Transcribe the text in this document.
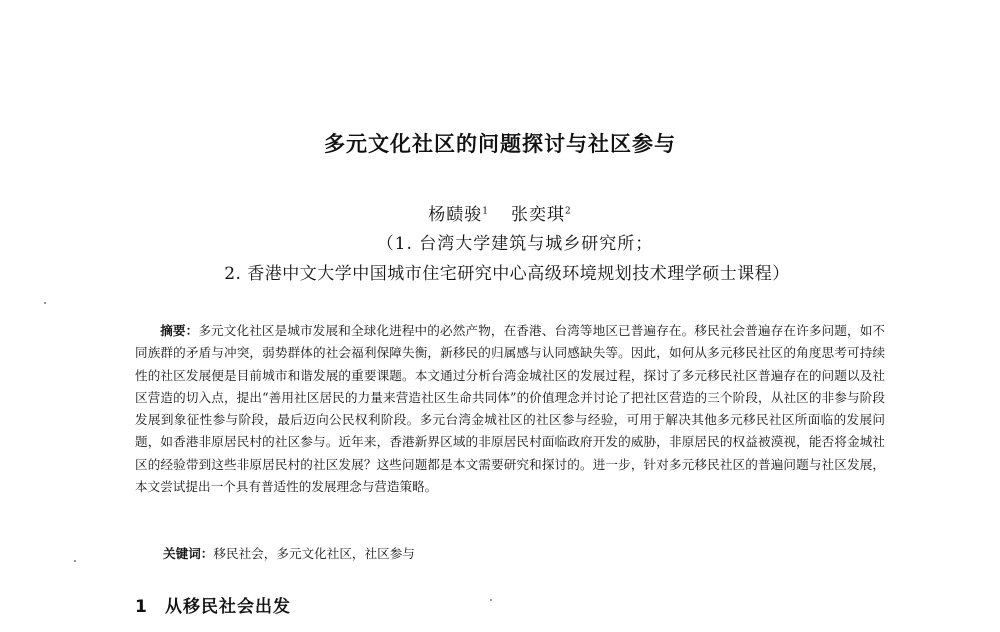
多元文化社区的问题探讨与社区参与
杨赜骏$^1$ 张奕琪$^2$
（1. 台湾大学建筑与城乡研究所；
2. 香港中文大学中国城市住宅研究中心高级环境规划技术理学硕士课程）
摘要：多元文化社区是城市发展和全球化进程中的必然产物，在香港、台湾等地区已普遍存在。移民社会普遍存在许多问题，如不同族群的矛盾与冲突，弱势群体的社会福利保障失衡，新移民的归属感与认同感缺失等。因此，如何从多元移民社区的角度思考可持续性的社区发展便是目前城市和谐发展的重要课题。本文通过分析台湾金城社区的发展过程，探讨了多元移民社区普遍存在的问题以及社区营造的切入点，提出“善用社区居民的力量来营造社区生命共同体”的价值理念并讨论了把社区营造的三个阶段，从社区的非参与阶段发展到象征性参与阶段，最后迈向公民权利阶段。多元台湾金城社区的社区参与经验，可用于解决其他多元移民社区所面临的发展问题，如香港非原居民村的社区参与。近年来，香港新界区域的非原居民村面临政府开发的威胁，非原居民的权益被漠视，能否将金城社区的经验带到这些非原居民村的社区发展？这些问题都是本文需要研究和探讨的。进一步，针对多元移民社区的普遍问题与社区发展，本文尝试提出一个具有普适性的发展理念与营造策略。
关键词：移民社会，多元文化社区，社区参与
1 从移民社会出发
